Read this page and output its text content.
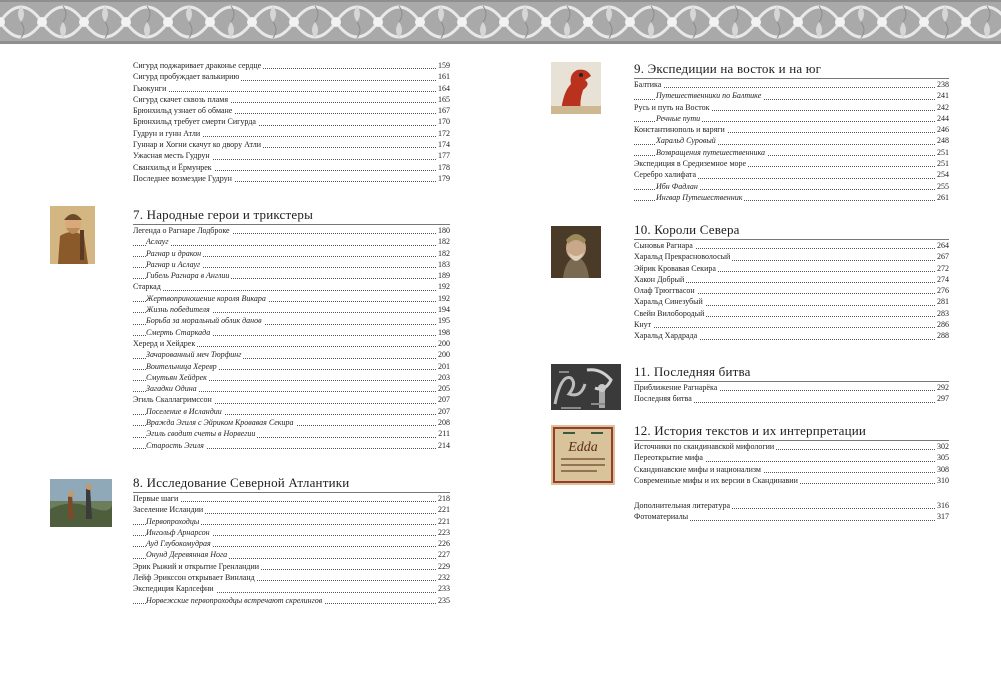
Сигурд поджаривает драконье сердце	159
Сигурд пробуждает валькирию	161
Гьюкунги	164
Сигурд скачет сквозь пламя	165
Брюнхильд узнает об обмане	167
Брюнхильд требует смерти Сигурда	170
Гудрун и гунн Атли	172
Гуннар и Хогни скачут ко двору Атли	174
Ужасная месть Гудрун	177
Сванхильд и Ёрмунрек	178
Последнее возмездие Гудрун	179
7. Народные герои и трикстеры
Легенда о Рагнаре Лодброке	180
Аслауг	182
Рагнар и дракон	182
Рагнар и Аслауг	183
Гибель Рагнара в Англии	189
Старкад	192
Жертвоприношение короля Викара	192
Жизнь победителя	194
Борьба за моральный облик данов	195
Смерть Старкада	198
Херерд и Хейдрек	200
Зачарованный меч Тюрфинг	200
Воительница Херевр	201
Смутьян Хейдрек	203
Загадки Одина	205
Эгиль Скаллагримссон	207
Поселение в Исландии	207
Вражда Эгиля с Эйриком Кровавая Секира	208
Эгиль сводит счеты в Норвегии	211
Старость Эгиля	214
8. Исследование Северной Атлантики
Первые шаги	218
Заселение Исландии	221
Первопроходцы	221
Ингольф Арнарсон	223
Ауд Глубокомудрая	226
Онунд Деревянная Нога	227
Эрик Рыжий и открытие Гренландии	229
Лейф Эрикссон открывает Винланд	232
Экспедиция Карлсефни	233
Норвежские первопроходцы встречают скрелингов	235
9. Экспедиции на восток и на юг
Балтика	238
Путешественники по Балтике	241
Русь и путь на Восток	242
Речные пути	244
Константинополь и варяги	246
Харальд Суровый	248
Возвращения путешественника	251
Экспедиция в Средиземное море	251
Серебро халифата	254
Ибн Фадлан	255
Ингвар Путешественник	261
10. Короли Севера
Сыновья Рагнара	264
Харальд Прекрасноволосый	267
Эйрик Кровавая Секира	272
Хакон Добрый	274
Олаф Трюггвасон	276
Харальд Синезубый	281
Свейн Вилобородый	283
Кнут	286
Харальд Хардрада	288
11. Последняя битва
Приближение Рагнарёка	292
Последняя битва	297
Edda
12. История текстов и их интерпретации
Источники по скандинавской мифологии	302
Переоткрытие мифа	305
Скандинавские мифы и национализм	308
Современные мифы и их версии в Скандинавии	310
Дополнительная литература	316
Фотоматериалы	317
